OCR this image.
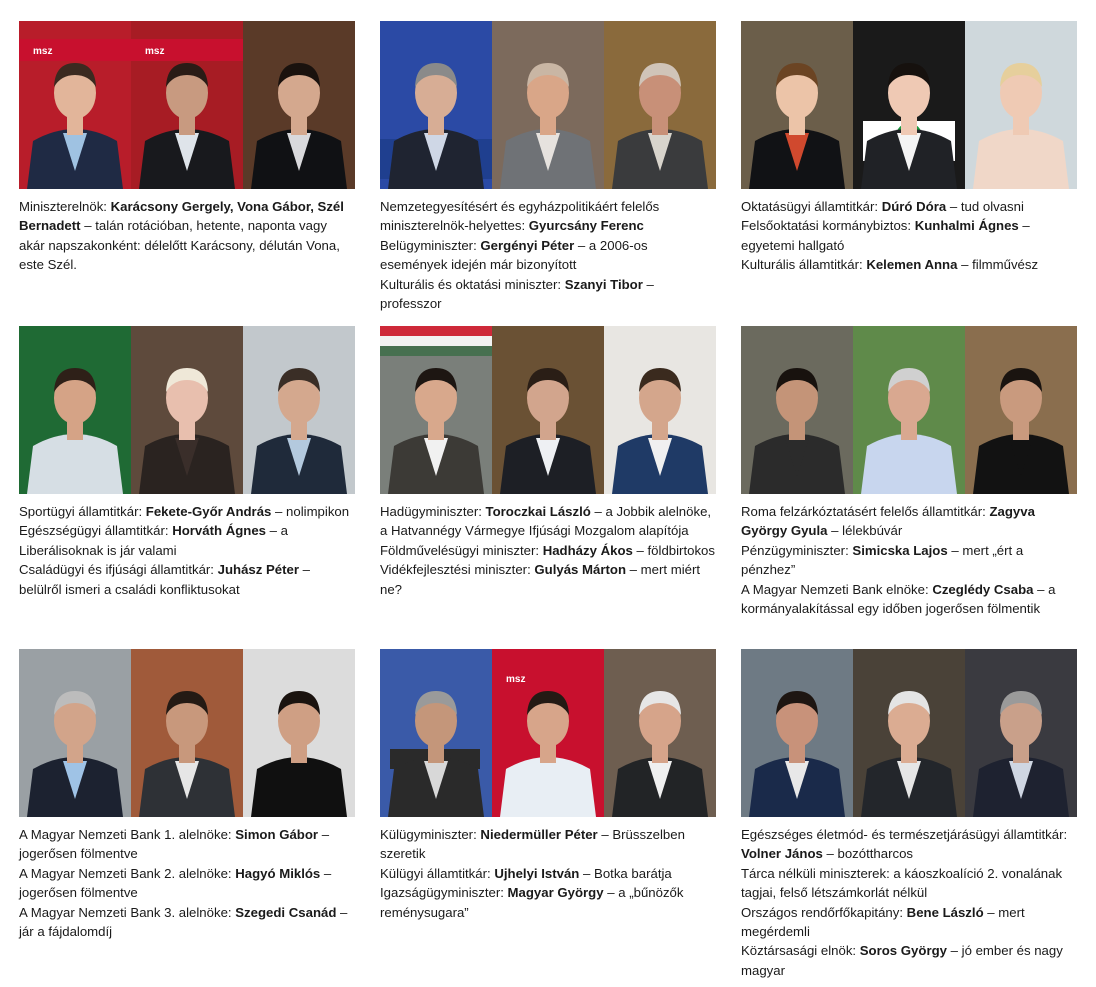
msz	msz

Miniszterelnök: Karácsony Gergely, Vona Gábor, Szél Bernadett – talán rotációban, hetente, naponta vagy akár napszakonként: délelőtt Karácsony, délután Vona, este Szél.

Nemzetegyesítésért és egyházpolitikáért felelős miniszterelnök-helyettes: Gyurcsány Ferenc

Belügyminiszter: Gergényi Péter – a 2006-os események idején már bizonyított

Kulturális és oktatási miniszter: Szanyi Tibor – professzor

Oktatásügyi államtitkár: Dúró Dóra – tud olvasni

Felsőoktatási kormánybiztos: Kunhalmi Ágnes – egyetemi hallgató

Kulturális államtitkár: Kelemen Anna – filmművész

Sportügyi államtitkár: Fekete-Győr András – nolimpikon

Egészségügyi államtitkár: Horváth Ágnes – a Liberálisoknak is jár valami

Családügyi és ifjúsági államtitkár: Juhász Péter – belülről ismeri a családi konfliktusokat

Hadügyminiszter: Toroczkai László – a Jobbik alelnöke, a Hatvannégy Vármegye Ifjúsági Mozgalom alapítója

Földművelésügyi miniszter: Hadházy Ákos – földbirtokos

Vidékfejlesztési miniszter: Gulyás Márton – mert miért ne?

Roma felzárkóztatásért felelős államtitkár: Zagyva György Gyula – lélekbúvár

Pénzügyminiszter: Simicska Lajos – mert „ért a pénzhez”

A Magyar Nemzeti Bank elnöke: Czeglédy Csaba – a kormányalakítással egy időben jogerősen fölmentik

A Magyar Nemzeti Bank 1. alelnöke: Simon Gábor – jogerősen fölmentve

A Magyar Nemzeti Bank 2. alelnöke: Hagyó Miklós – jogerősen fölmentve

A Magyar Nemzeti Bank 3. alelnöke: Szegedi Csanád – jár a fájdalomdíj

msz

Külügyminiszter: Niedermüller Péter – Brüsszelben szeretik

Külügyi államtitkár: Ujhelyi István – Botka barátja

Igazságügyminiszter: Magyar György – a „bűnözők reménysugara”

Egészséges életmód- és természetjárásügyi államtitkár: Volner János – bozóttharcos

Tárca nélküli miniszterek: a káoszkoalíció 2. vonalának tagjai, felső létszámkorlát nélkül

Országos rendőrfőkapitány: Bene László – mert megérdemli

Köztársasági elnök: Soros György – jó ember és nagy magyar
